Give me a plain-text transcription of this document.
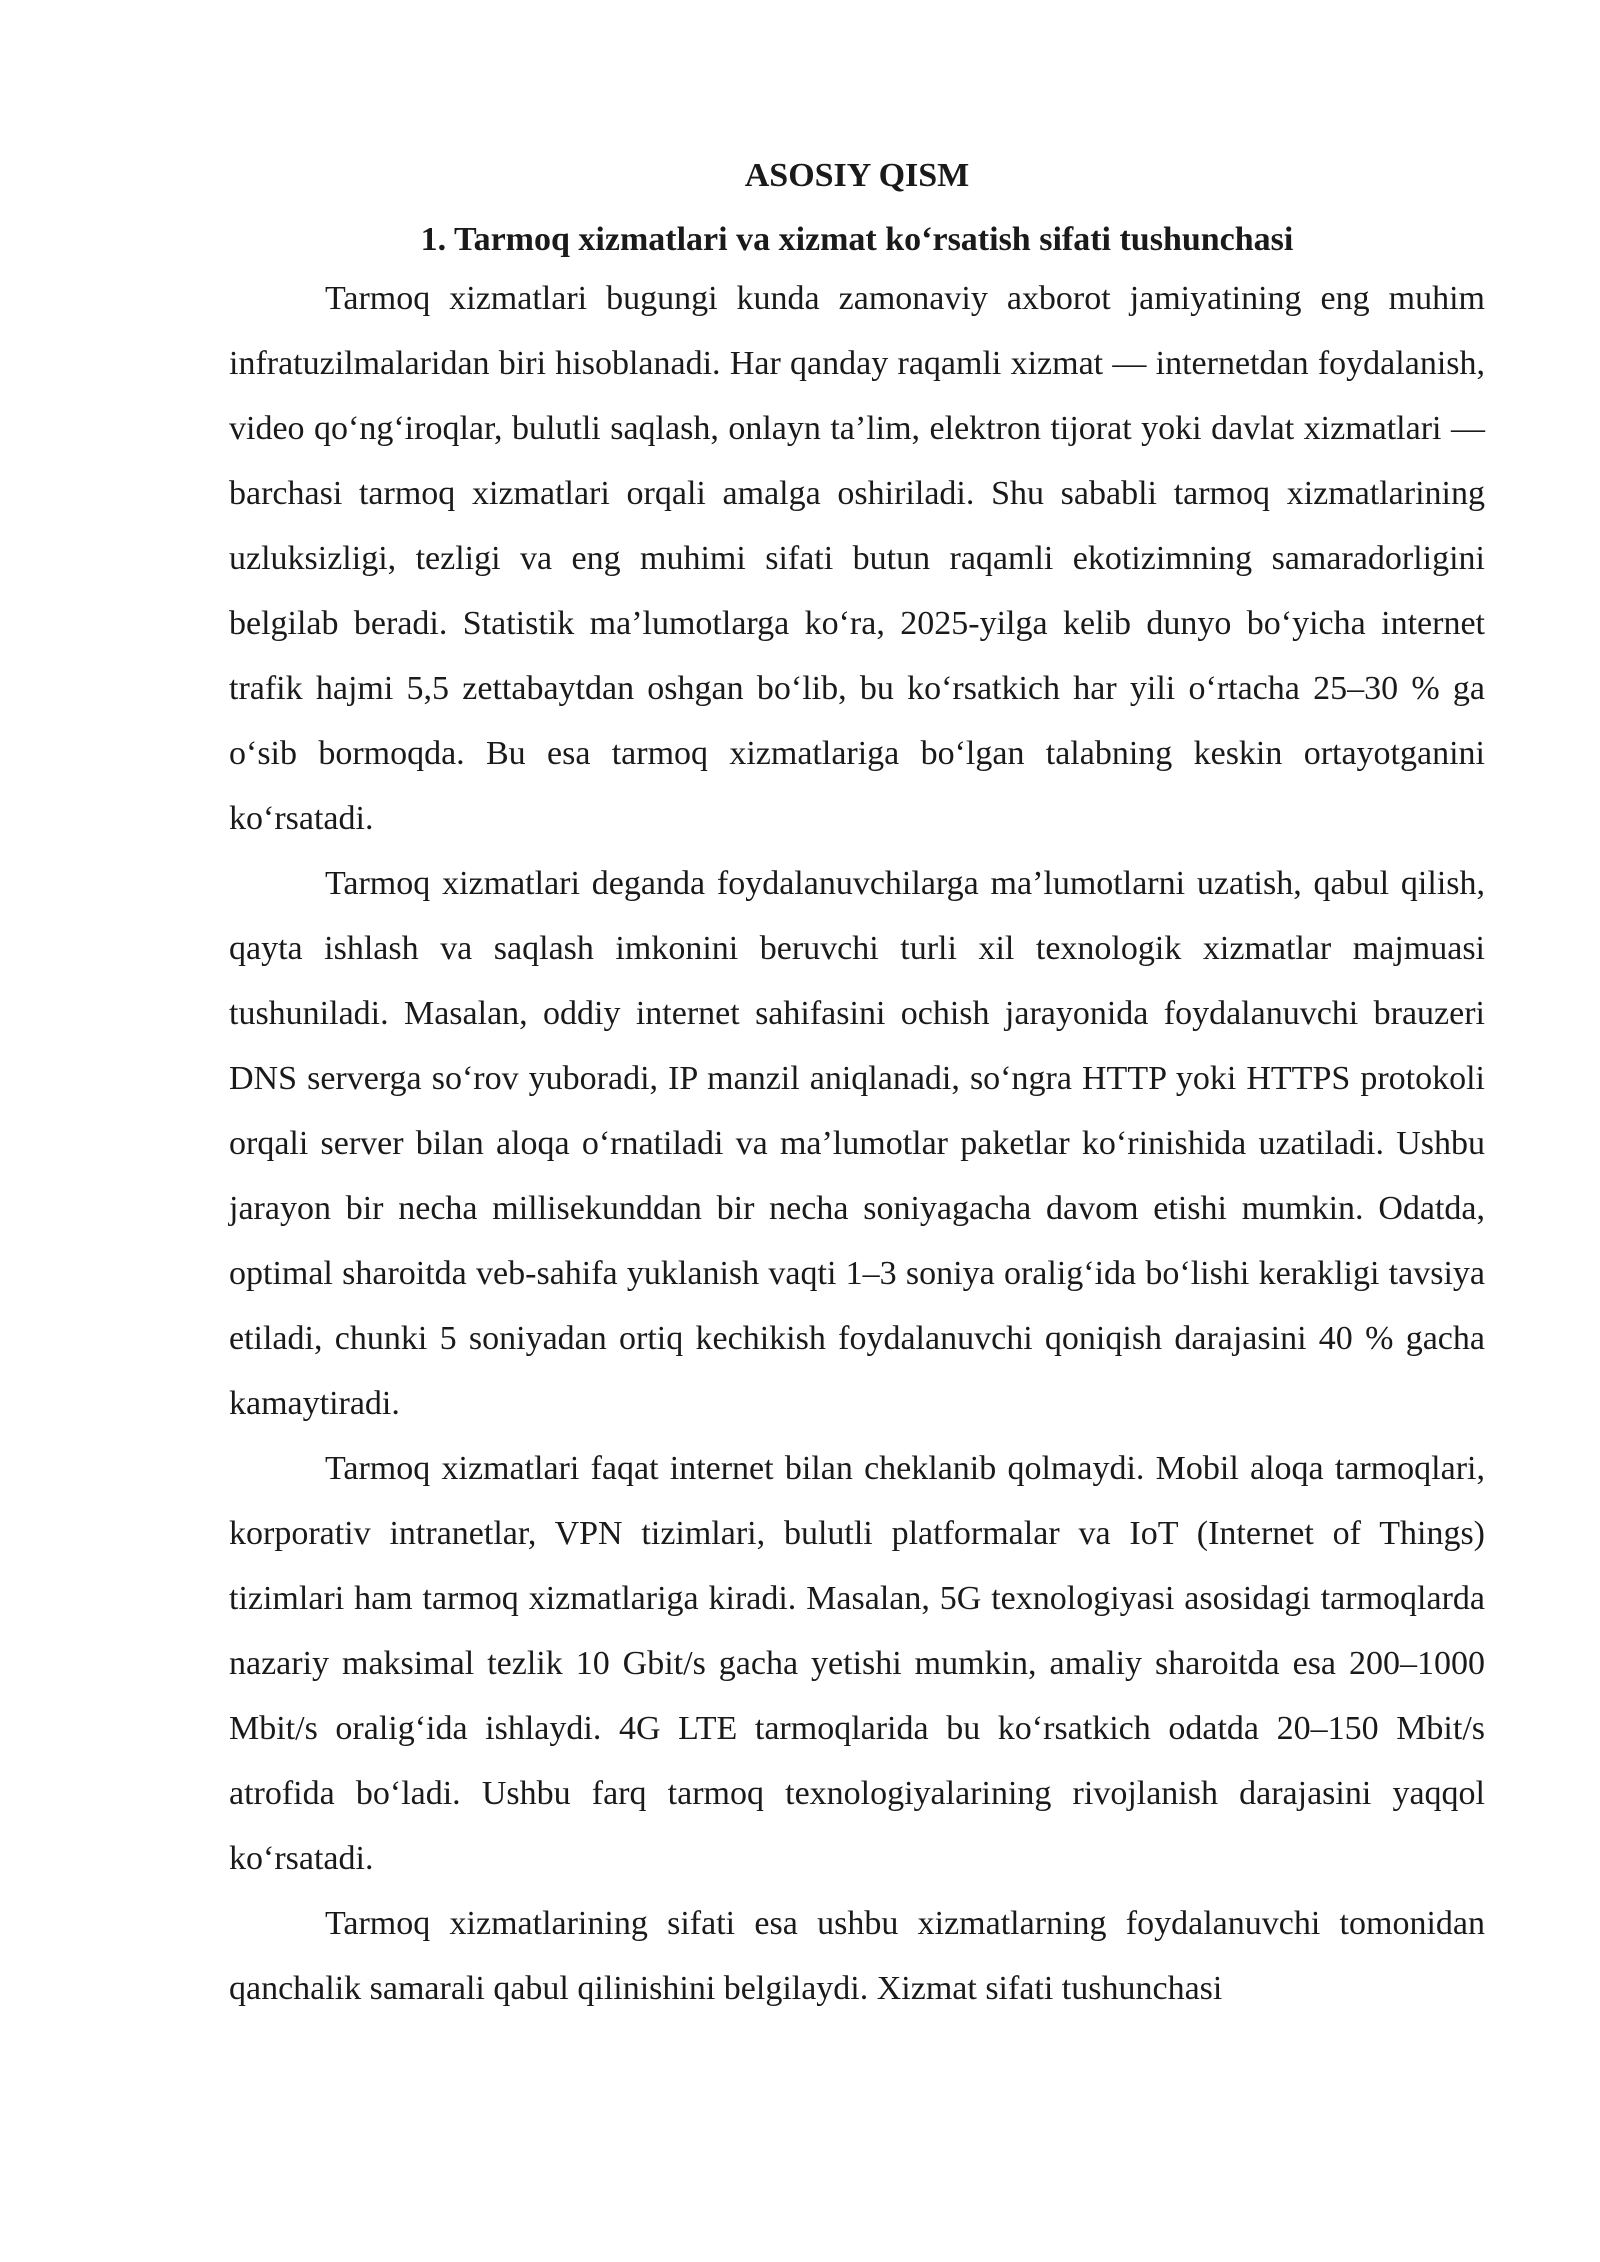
ASOSIY QISM
1. Tarmoq xizmatlari va xizmat ko‘rsatish sifati tushunchasi

Tarmoq xizmatlari bugungi kunda zamonaviy axborot jamiyatining eng muhim infratuzilmalaridan biri hisoblanadi. Har qanday raqamli xizmat — internetdan foydalanish, video qo‘ng‘iroqlar, bulutli saqlash, onlayn ta’lim, elektron tijorat yoki davlat xizmatlari — barchasi tarmoq xizmatlari orqali amalga oshiriladi. Shu sababli tarmoq xizmatlarining uzluksizligi, tezligi va eng muhimi sifati butun raqamli ekotizimning samaradorligini belgilab beradi. Statistik ma’lumotlarga ko‘ra, 2025-yilga kelib dunyo bo‘yicha internet trafik hajmi 5,5 zettabaytdan oshgan bo‘lib, bu ko‘rsatkich har yili o‘rtacha 25–30 % ga o‘sib bormoqda. Bu esa tarmoq xizmatlariga bo‘lgan talabning keskin ortayotganini ko‘rsatadi.

Tarmoq xizmatlari deganda foydalanuvchilarga ma’lumotlarni uzatish, qabul qilish, qayta ishlash va saqlash imkonini beruvchi turli xil texnologik xizmatlar majmuasi tushuniladi. Masalan, oddiy internet sahifasini ochish jarayonida foydalanuvchi brauzeri DNS serverga so‘rov yuboradi, IP manzil aniqlanadi, so‘ngra HTTP yoki HTTPS protokoli orqali server bilan aloqa o‘rnatiladi va ma’lumotlar paketlar ko‘rinishida uzatiladi. Ushbu jarayon bir necha millisekunddan bir necha soniyagacha davom etishi mumkin. Odatda, optimal sharoitda veb-sahifa yuklanish vaqti 1–3 soniya oralig‘ida bo‘lishi kerakligi tavsiya etiladi, chunki 5 soniyadan ortiq kechikish foydalanuvchi qoniqish darajasini 40 % gacha kamaytiradi.

Tarmoq xizmatlari faqat internet bilan cheklanib qolmaydi. Mobil aloqa tarmoqlari, korporativ intranetlar, VPN tizimlari, bulutli platformalar va IoT (Internet of Things) tizimlari ham tarmoq xizmatlariga kiradi. Masalan, 5G texnologiyasi asosidagi tarmoqlarda nazariy maksimal tezlik 10 Gbit/s gacha yetishi mumkin, amaliy sharoitda esa 200–1000 Mbit/s oralig‘ida ishlaydi. 4G LTE tarmoqlarida bu ko‘rsatkich odatda 20–150 Mbit/s atrofida bo‘ladi. Ushbu farq tarmoq texnologiyalarining rivojlanish darajasini yaqqol ko‘rsatadi.

Tarmoq xizmatlarining sifati esa ushbu xizmatlarning foydalanuvchi tomonidan qanchalik samarali qabul qilinishini belgilaydi. Xizmat sifati tushunchasi
